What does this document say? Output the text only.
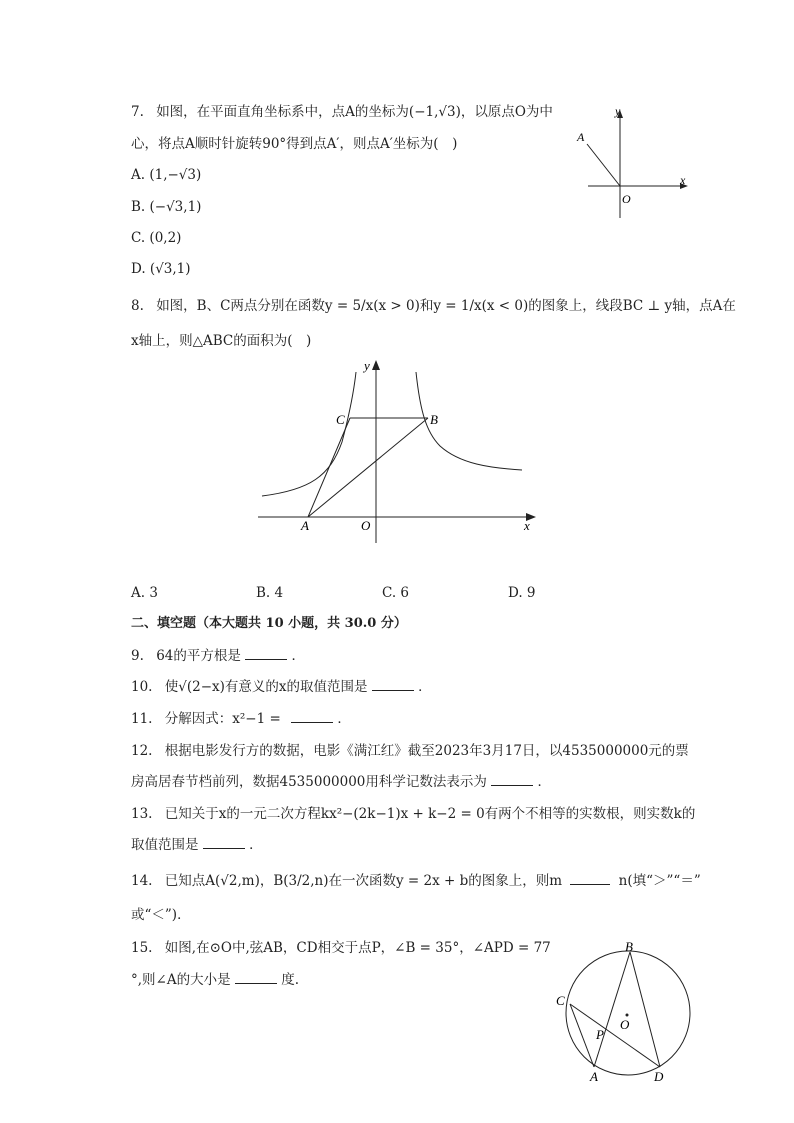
7. 如图，在平面直角坐标系中，点A的坐标为(−1,√3)，以原点O为中
心，将点A顺时针旋转90°得到点A′，则点A′坐标为(　)
A. (1,−√3)
B. (−√3,1)
C. (0,2)
D. (√3,1)
y
x
A
O
8. 如图，B、C两点分别在函数y = 5/x(x > 0)和y = 1/x(x < 0)的图象上，线段BC ⊥ y轴，点A在
x轴上，则△ABC的面积为(　)
y
x
C	B
A	O
A. 3	B. 4	C. 6	D. 9
二、填空题（本大题共 10 小题，共 30.0 分）
9. 64的平方根是	．
10. 使√(2−x)有意义的x的取值范围是	．
11. 分解因式：x²−1 =	．
12. 根据电影发行方的数据，电影《满江红》截至2023年3月17日，以4535000000元的票
房高居春节档前列，数据4535000000用科学记数法表示为	．
13. 已知关于x的一元二次方程kx²−(2k−1)x + k−2 = 0有两个不相等的实数根，则实数k的
取值范围是	．
14. 已知点A(√2,m)，B(3/2,n)在一次函数y = 2x + b的图象上，则m	n(填“＞”“＝”
或“＜”)．
15. 如图,在⊙O中,弦AB，CD相交于点P，∠B = 35°，∠APD = 77
°,则∠A的大小是	度.
B
C
O
P
A	D
